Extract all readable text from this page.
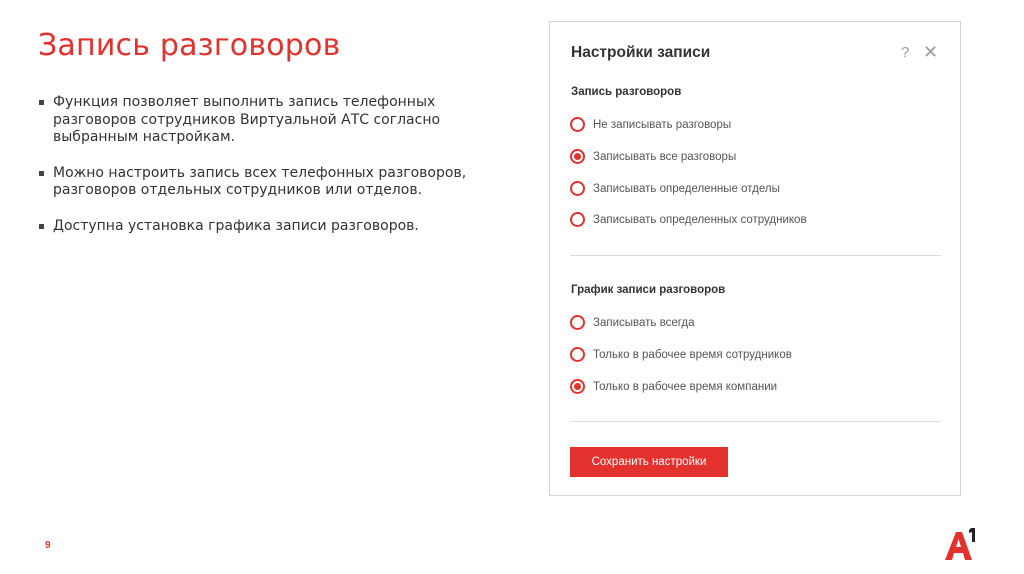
Запись разговоров
Функция позволяет выполнить запись телефонных разговоров сотрудников Виртуальной АТС согласно выбранным настройкам.
Можно настроить запись всех телефонных разговоров, разговоров отдельных сотрудников или отделов.
Доступна установка графика записи разговоров.
Настройки записи	? ✕
Запись разговоров
Не записывать разговоры
Записывать все разговоры
Записывать определенные отделы
Записывать определенных сотрудников
График записи разговоров
Записывать всегда
Только в рабочее время сотрудников
Только в рабочее время компании
Сохранить настройки
9
